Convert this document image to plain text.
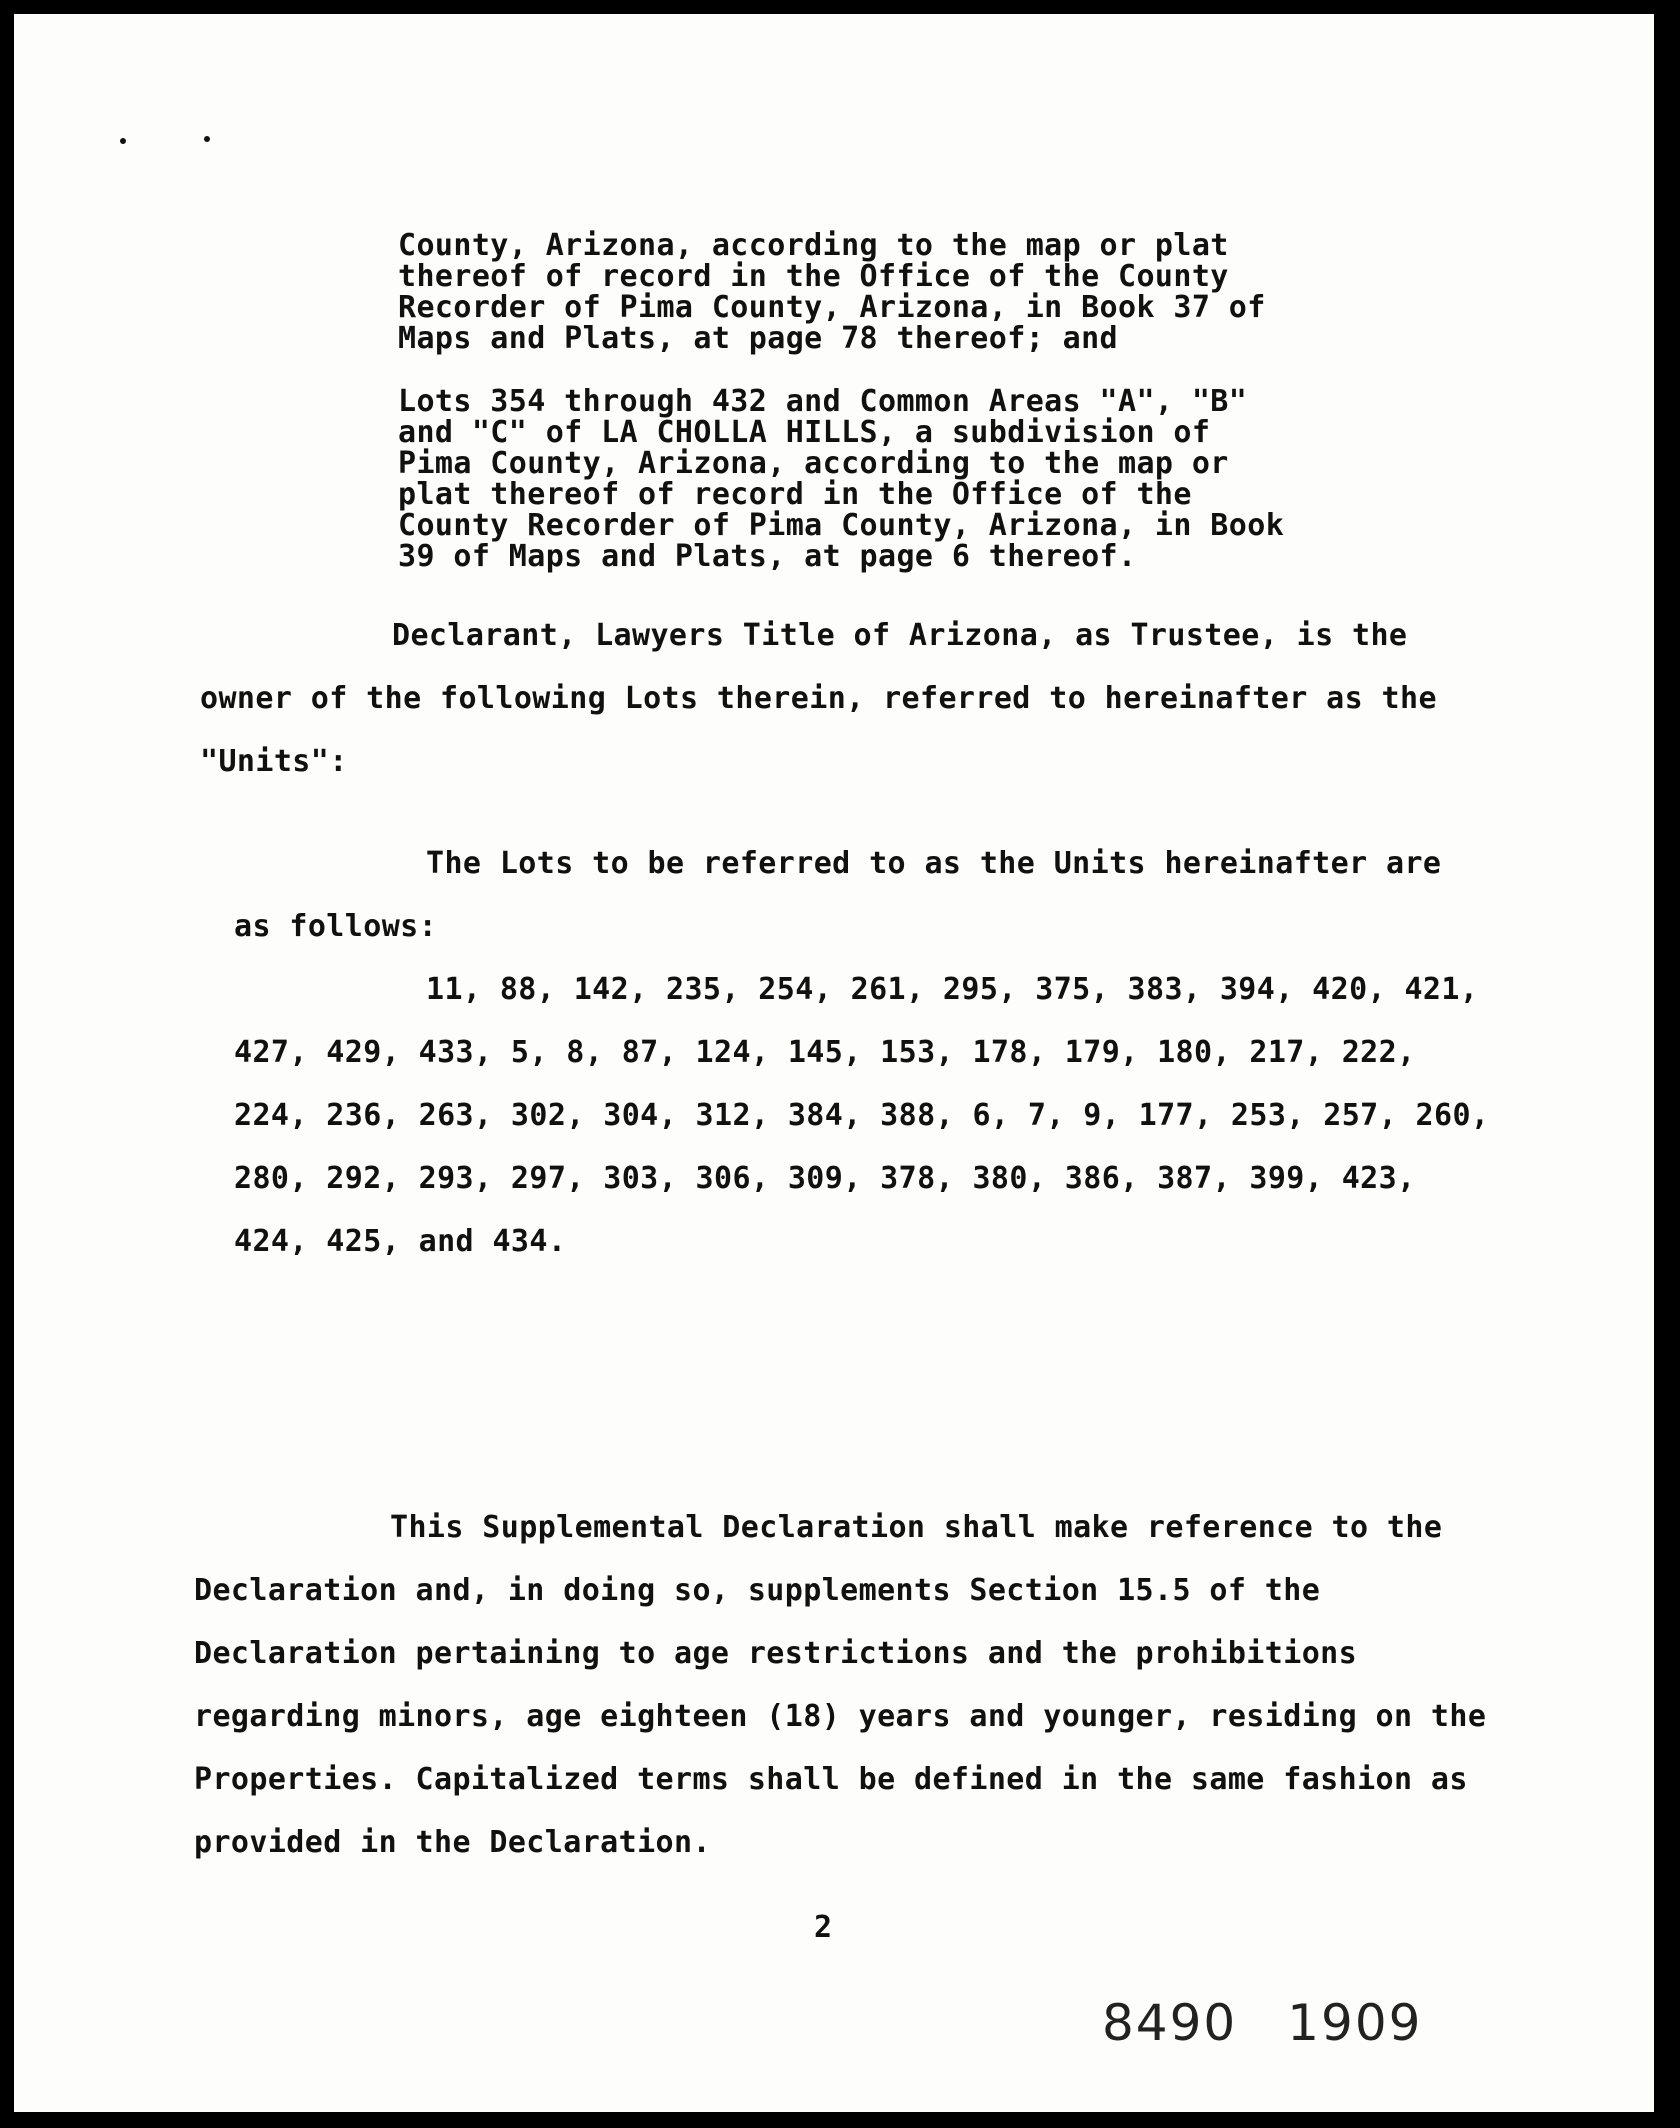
County, Arizona, according to the map or plat thereof of record in the Office of the County Recorder of Pima County, Arizona, in Book 37 of Maps and Plats, at page 78 thereof; and

Lots 354 through 432 and Common Areas "A", "B" and "C" of LA CHOLLA HILLS, a subdivision of Pima County, Arizona, according to the map or plat thereof of record in the Office of the County Recorder of Pima County, Arizona, in Book 39 of Maps and Plats, at page 6 thereof.

Declarant, Lawyers Title of Arizona, as Trustee, is the owner of the following Lots therein, referred to hereinafter as the "Units":

The Lots to be referred to as the Units hereinafter are as follows:

11, 88, 142, 235, 254, 261, 295, 375, 383, 394, 420, 421, 427, 429, 433, 5, 8, 87, 124, 145, 153, 178, 179, 180, 217, 222, 224, 236, 263, 302, 304, 312, 384, 388, 6, 7, 9, 177, 253, 257, 260, 280, 292, 293, 297, 303, 306, 309, 378, 380, 386, 387, 399, 423, 424, 425, and 434.

This Supplemental Declaration shall make reference to the Declaration and, in doing so, supplements Section 15.5 of the Declaration pertaining to age restrictions and the prohibitions regarding minors, age eighteen (18) years and younger, residing on the Properties. Capitalized terms shall be defined in the same fashion as provided in the Declaration.

2
8490 1909
